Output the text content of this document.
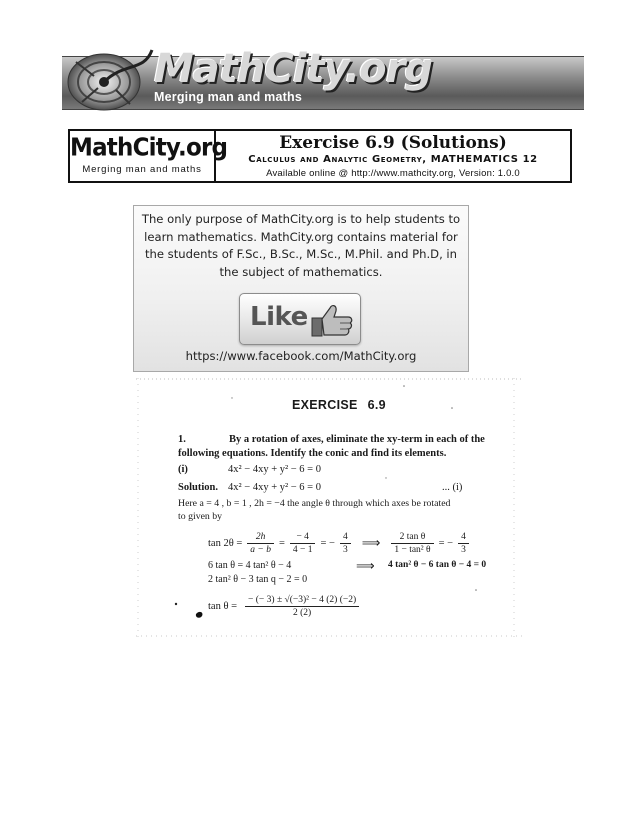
MathCity.org
Merging man and maths
MathCity.org
Merging man and maths
Exercise 6.9 (Solutions)
Calculus and Analytic Geometry, MATHEMATICS 12
Available online @ http://www.mathcity.org, Version: 1.0.0
The only purpose of MathCity.org is to help students to learn mathematics. MathCity.org contains material for the students of F.Sc., B.Sc., M.Sc., M.Phil. and Ph.D, in the subject of mathematics.
Like
https://www.facebook.com/MathCity.org
EXERCISE 6.9
1.	By a rotation of axes, eliminate the xy-term in each of the
following equations. Identify the conic and find its elements.
(i)	4x² − 4xy + y² − 6 = 0
Solution. 4x² − 4xy + y² − 6 = 0	... (i)
Here a = 4 , b = 1 , 2h = −4 the angle θ through which axes be rotated
to given by
$\tan 2\theta = \frac{2h}{a - b} = \frac{- 4}{4 - 1}$ = − $\frac{4}{3}$ ⟹ $\frac{\text{2 tan θ}}{\text{1 − tan² θ}}$ = − $\frac{4}{3}$
6 tan θ = 4 tan² θ − 4	⟹ 4 tan² θ − 6 tan θ − 4 = 0
2 tan² θ − 3 tan q − 2 = 0
$\tan \theta = \frac{\text{− (− 3) ± √(−3)² − 4 (2) (−2)}}{2 (2)}$
